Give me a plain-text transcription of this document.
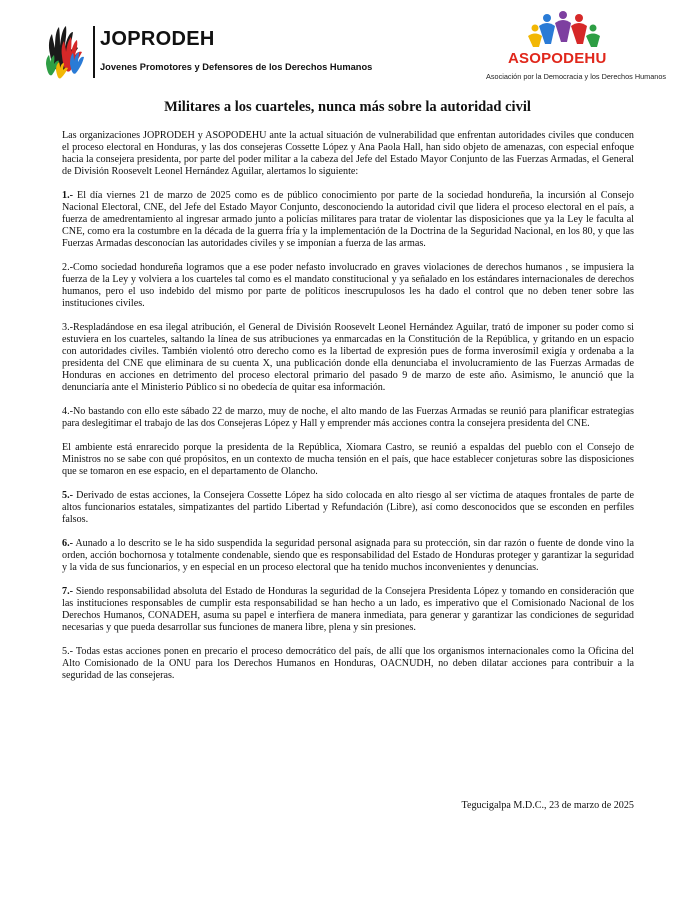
JOPRODEH
Jovenes Promotores y Defensores de los Derechos Humanos	ASOPODEHU
Asociación por la Democracia y los Derechos Humanos
Militares a los cuarteles, nunca más sobre la autoridad civil

Las organizaciones JOPRODEH y ASOPODEHU ante la actual situación de vulnerabilidad que enfrentan autoridades civiles que conducen el proceso electoral en Honduras, y las dos consejeras Cossette López y Ana Paola Hall, han sido objeto de amenazas, con especial enfoque hacia la consejera presidenta, por parte del poder militar a la cabeza del Jefe del Estado Mayor Conjunto de las Fuerzas Armadas, el General de División Roosevelt Leonel Hernández Aguilar, alertamos lo siguiente:

1.- El día viernes 21 de marzo de 2025 como es de público conocimiento por parte de la sociedad hondureña, la incursión al Consejo Nacional Electoral, CNE, del Jefe del Estado Mayor Conjunto, desconociendo la autoridad civil que lidera el proceso electoral en el país, a fuerza de amedrentamiento al ingresar armado junto a policías militares para tratar de violentar las disposiciones que ya la Ley le faculta al CNE, como era la costumbre en la década de la guerra fría y la implementación de la Doctrina de la Seguridad Nacional, en los 80, y que las Fuerzas Armadas desconocían las autoridades civiles y se imponían a fuerza de las armas.

2.-Como sociedad hondureña logramos que a ese poder nefasto involucrado en graves violaciones de derechos humanos , se impusiera la fuerza de la Ley y volviera a los cuarteles tal como es el mandato constitucional y ya señalado en los estándares internacionales de derechos humanos, pero el uso indebido del mismo por parte de políticos inescrupulosos les ha dado el control que no deben tener sobre las instituciones civiles.

3.-Respladándose en esa ilegal atribución, el General de División Roosevelt Leonel Hernández Aguilar, trató de imponer su poder como si estuviera en los cuarteles, saltando la línea de sus atribuciones ya enmarcadas en la Constitución de la República, y gritando en un espacio con autoridades civiles. También violentó otro derecho como es la libertad de expresión pues de forma inverosímil exigía y ordenaba a la presidenta del CNE que eliminara de su cuenta X, una publicación donde ella denunciaba el involucramiento de las Fuerzas Armadas de Honduras en acciones en detrimento del proceso electoral primario del pasado 9 de marzo de este año. Asimismo, le anunció que la denunciaría ante el Ministerio Público si no obedecía de quitar esa información.

4.-No bastando con ello este sábado 22 de marzo, muy de noche, el alto mando de las Fuerzas Armadas se reunió para planificar estrategias para deslegitimar el trabajo de las dos Consejeras López y Hall y emprender más acciones contra la consejera presidenta del CNE.

El ambiente está enrarecido porque la presidenta de la República, Xiomara Castro, se reunió a espaldas del pueblo con el Consejo de Ministros no se sabe con qué propósitos, en un contexto de mucha tensión en el país, que hace establecer conjeturas sobre las disposiciones que se tomaron en ese espacio, en el departamento de Olancho.

5.- Derivado de estas acciones, la Consejera Cossette López ha sido colocada en alto riesgo al ser víctima de ataques frontales de parte de altos funcionarios estatales, simpatizantes del partido Libertad y Refundación (Libre), así como desconocidos que se esconden en perfiles falsos.

6.- Aunado a lo descrito se le ha sido suspendida la seguridad personal asignada para su protección, sin dar razón o fuente de donde vino la orden, acción bochornosa y totalmente condenable, siendo que es responsabilidad del Estado de Honduras proteger y garantizar la seguridad y la vida de sus funcionarios, y en especial en un proceso electoral que ha tenido muchos inconvenientes y denuncias.

7.- Siendo responsabilidad absoluta del Estado de Honduras la seguridad de la Consejera Presidenta López y tomando en consideración que las instituciones responsables de cumplir esta responsabilidad se han hecho a un lado, es imperativo que el Comisionado Nacional de los Derechos Humanos, CONADEH, asuma su papel e interfiera de manera inmediata, para generar y garantizar las condiciones de seguridad necesarias y que pueda desarrollar sus funciones de manera libre, plena y sin presiones.

5.- Todas estas acciones ponen en precario el proceso democrático del país, de allí que los organismos internacionales como la Oficina del Alto Comisionado de la ONU para los Derechos Humanos en Honduras, OACNUDH, no deben dilatar acciones para contribuir a la seguridad de las consejeras.

Tegucigalpa M.D.C., 23 de marzo de 2025
